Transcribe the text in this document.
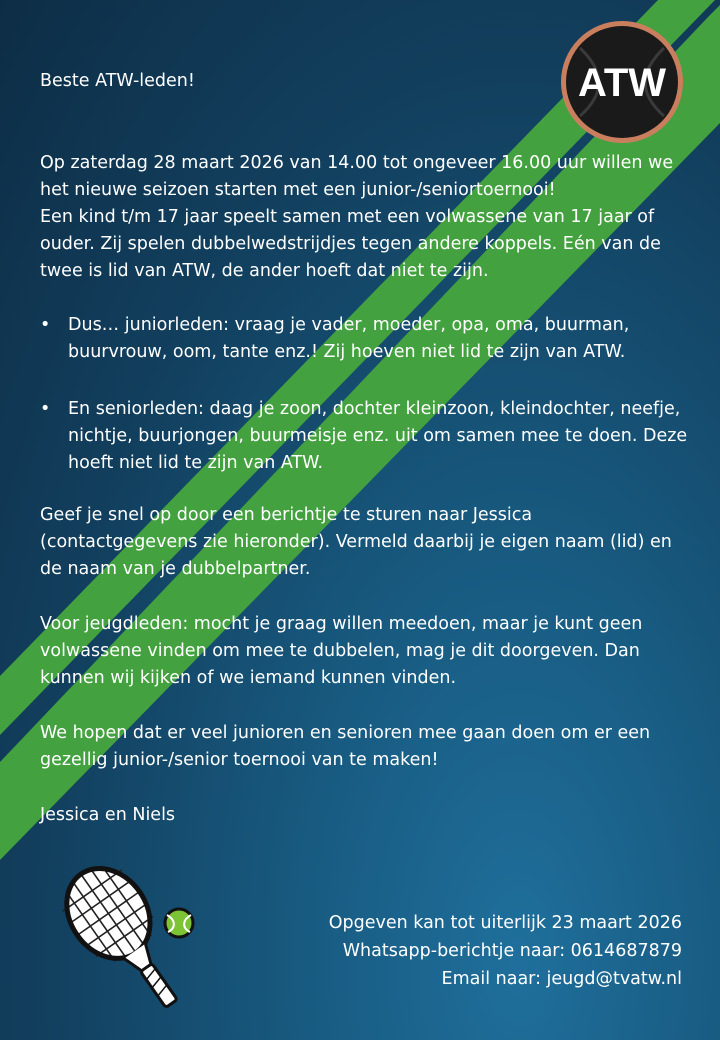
ATW

Beste ATW-leden!

Op zaterdag 28 maart 2026 van 14.00 tot ongeveer 16.00 uur willen we het nieuwe seizoen starten met een junior-/seniortoernooi!

Een kind t/m 17 jaar speelt samen met een volwassene van 17 jaar of ouder. Zij spelen dubbelwedstrijdjes tegen andere koppels. Eén van de twee is lid van ATW, de ander hoeft dat niet te zijn.

• Dus… juniorleden: vraag je vader, moeder, opa, oma, buurman, buurvrouw, oom, tante enz.! Zij hoeven niet lid te zijn van ATW.

• En seniorleden: daag je zoon, dochter kleinzoon, kleindochter, neefje, nichtje, buurjongen, buurmeisje enz. uit om samen mee te doen. Deze hoeft niet lid te zijn van ATW.

Geef je snel op door een berichtje te sturen naar Jessica (contactgegevens zie hieronder). Vermeld daarbij je eigen naam (lid) en de naam van je dubbelpartner.

Voor jeugdleden: mocht je graag willen meedoen, maar je kunt geen volwassene vinden om mee te dubbelen, mag je dit doorgeven. Dan kunnen wij kijken of we iemand kunnen vinden.

We hopen dat er veel junioren en senioren mee gaan doen om er een gezellig junior-/senior toernooi van te maken!

Jessica en Niels

Opgeven kan tot uiterlijk 23 maart 2026
Whatsapp-berichtje naar: 0614687879
Email naar: jeugd@tvatw.nl
